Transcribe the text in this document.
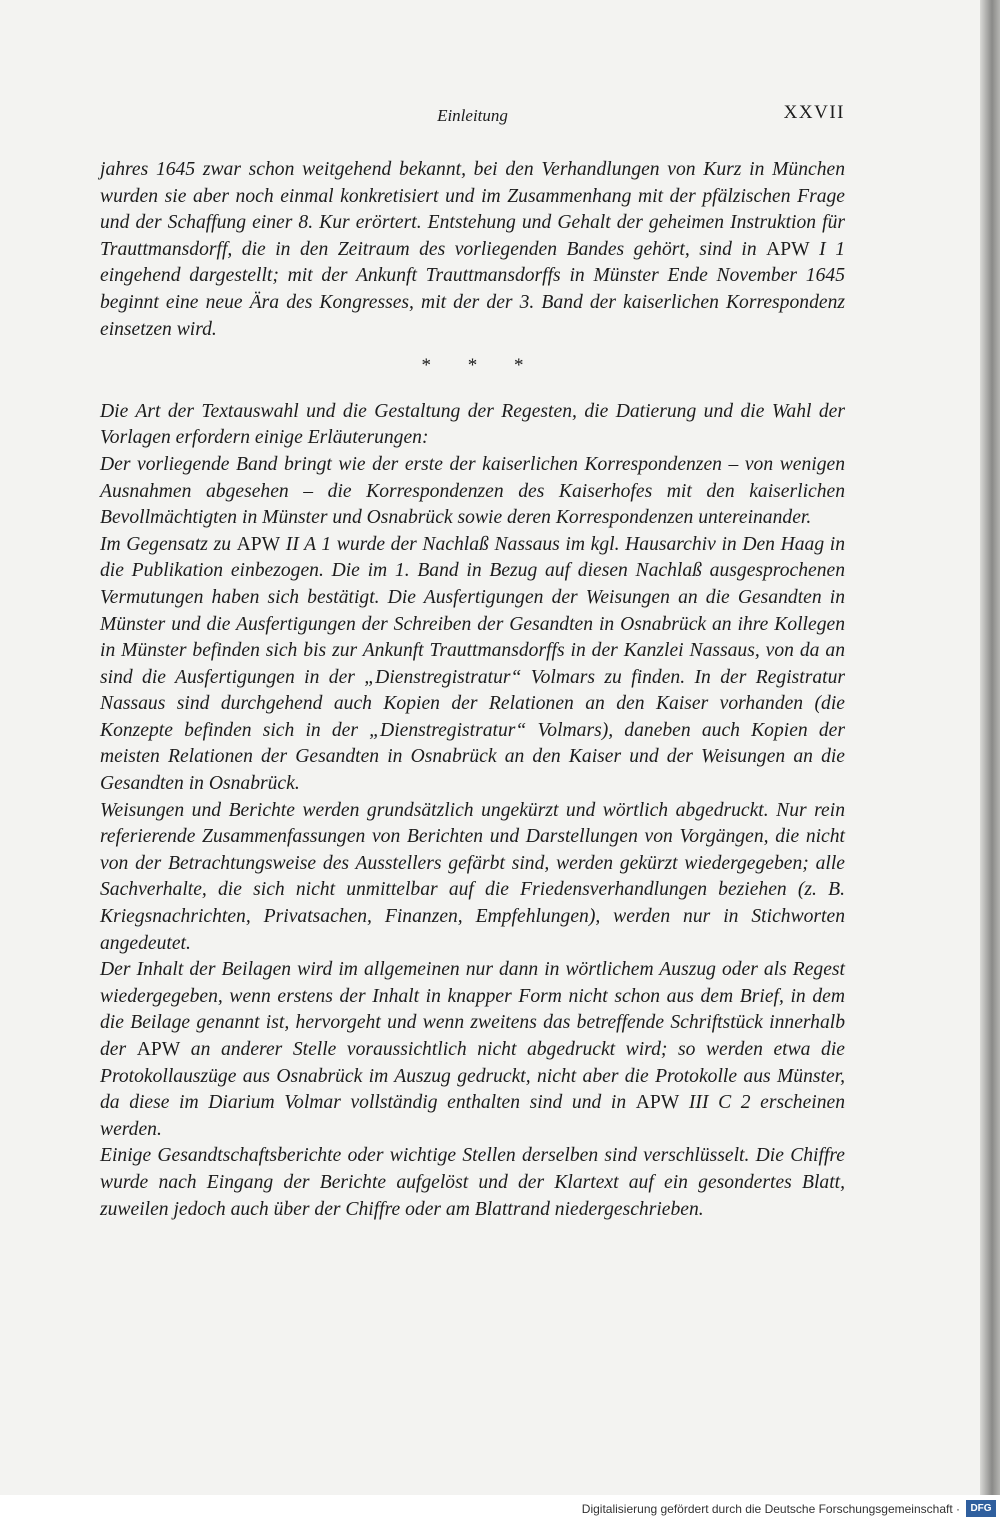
Einleitung	XXVII

jahres 1645 zwar schon weitgehend bekannt, bei den Verhandlungen von Kurz in München wurden sie aber noch einmal konkretisiert und im Zusammenhang mit der pfälzischen Frage und der Schaffung einer 8. Kur erörtert. Entstehung und Gehalt der geheimen Instruktion für Trauttmansdorff, die in den Zeitraum des vorliegenden Bandes gehört, sind in APW I 1 eingehend dargestellt; mit der Ankunft Trauttmansdorffs in Münster Ende November 1645 beginnt eine neue Ära des Kongresses, mit der der 3. Band der kaiserlichen Korrespondenz einsetzen wird.

* * *

Die Art der Textauswahl und die Gestaltung der Regesten, die Datierung und die Wahl der Vorlagen erfordern einige Erläuterungen:

Der vorliegende Band bringt wie der erste der kaiserlichen Korrespondenzen – von wenigen Ausnahmen abgesehen – die Korrespondenzen des Kaiserhofes mit den kaiserlichen Bevollmächtigten in Münster und Osnabrück sowie deren Korrespondenzen untereinander.

Im Gegensatz zu APW II A 1 wurde der Nachlaß Nassaus im kgl. Hausarchiv in Den Haag in die Publikation einbezogen. Die im 1. Band in Bezug auf diesen Nachlaß ausgesprochenen Vermutungen haben sich bestätigt. Die Ausfertigungen der Weisungen an die Gesandten in Münster und die Ausfertigungen der Schreiben der Gesandten in Osnabrück an ihre Kollegen in Münster befinden sich bis zur Ankunft Trauttmansdorffs in der Kanzlei Nassaus, von da an sind die Ausfertigungen in der „Dienstregistratur“ Volmars zu finden. In der Registratur Nassaus sind durchgehend auch Kopien der Relationen an den Kaiser vorhanden (die Konzepte befinden sich in der „Dienstregistratur“ Volmars), daneben auch Kopien der meisten Relationen der Gesandten in Osnabrück an den Kaiser und der Weisungen an die Gesandten in Osnabrück.

Weisungen und Berichte werden grundsätzlich ungekürzt und wörtlich abgedruckt. Nur rein referierende Zusammenfassungen von Berichten und Darstellungen von Vorgängen, die nicht von der Betrachtungsweise des Ausstellers gefärbt sind, werden gekürzt wiedergegeben; alle Sachverhalte, die sich nicht unmittelbar auf die Friedensverhandlungen beziehen (z. B. Kriegsnachrichten, Privatsachen, Finanzen, Empfehlungen), werden nur in Stichworten angedeutet.

Der Inhalt der Beilagen wird im allgemeinen nur dann in wörtlichem Auszug oder als Regest wiedergegeben, wenn erstens der Inhalt in knapper Form nicht schon aus dem Brief, in dem die Beilage genannt ist, hervorgeht und wenn zweitens das betreffende Schriftstück innerhalb der APW an anderer Stelle voraussichtlich nicht abgedruckt wird; so werden etwa die Protokollauszüge aus Osnabrück im Auszug gedruckt, nicht aber die Protokolle aus Münster, da diese im Diarium Volmar vollständig enthalten sind und in APW III C 2 erscheinen werden.

Einige Gesandtschaftsberichte oder wichtige Stellen derselben sind verschlüsselt. Die Chiffre wurde nach Eingang der Berichte aufgelöst und der Klartext auf ein gesondertes Blatt, zuweilen jedoch auch über der Chiffre oder am Blattrand niedergeschrieben.

Digitalisierung gefördert durch die Deutsche Forschungsgemeinschaft ·	DFG
